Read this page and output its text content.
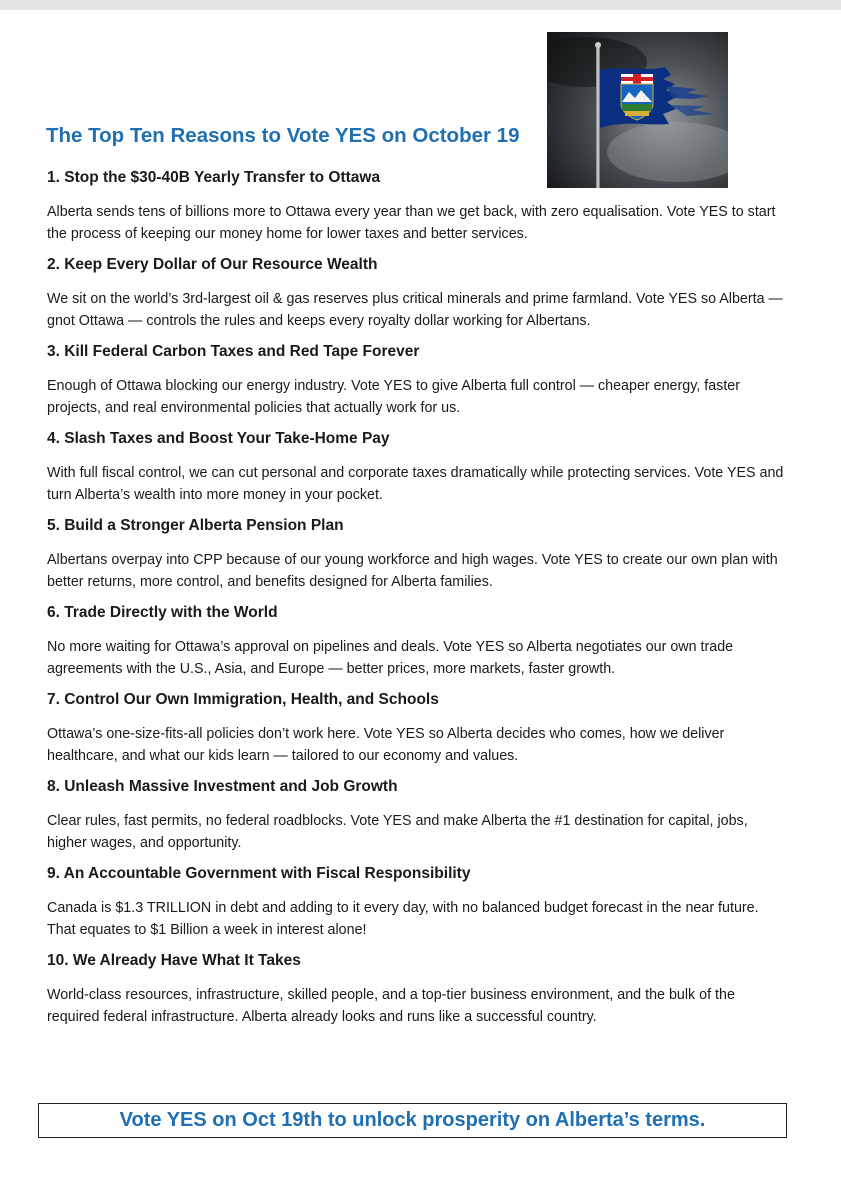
The Top Ten Reasons to Vote YES on October 19
1. Stop the $30-40B Yearly Transfer to Ottawa

Alberta sends tens of billions more to Ottawa every year than we get back, with zero equalisation. Vote YES to start the process of keeping our money home for lower taxes and better services.

2. Keep Every Dollar of Our Resource Wealth

We sit on the world’s 3rd-largest oil & gas reserves plus critical minerals and prime farmland. Vote YES so Alberta — gnot Ottawa — controls the rules and keeps every royalty dollar working for Albertans.

3. Kill Federal Carbon Taxes and Red Tape Forever

Enough of Ottawa blocking our energy industry. Vote YES to give Alberta full control — cheaper energy, faster projects, and real environmental policies that actually work for us.

4. Slash Taxes and Boost Your Take-Home Pay

With full fiscal control, we can cut personal and corporate taxes dramatically while protecting services. Vote YES and turn Alberta’s wealth into more money in your pocket.

5. Build a Stronger Alberta Pension Plan

Albertans overpay into CPP because of our young workforce and high wages. Vote YES to create our own plan with better returns, more control, and benefits designed for Alberta families.

6. Trade Directly with the World

No more waiting for Ottawa’s approval on pipelines and deals. Vote YES so Alberta negotiates our own trade agreements with the U.S., Asia, and Europe — better prices, more markets, faster growth.

7. Control Our Own Immigration, Health, and Schools

Ottawa’s one-size-fits-all policies don’t work here. Vote YES so Alberta decides who comes, how we deliver healthcare, and what our kids learn — tailored to our economy and values.

8. Unleash Massive Investment and Job Growth

Clear rules, fast permits, no federal roadblocks. Vote YES and make Alberta the #1 destination for capital, jobs, higher wages, and opportunity.

9. An Accountable Government with Fiscal Responsibility

Canada is $1.3 TRILLION in debt and adding to it every day, with no balanced budget forecast in the near future. That equates to $1 Billion a week in interest alone!

10. We Already Have What It Takes

World-class resources, infrastructure, skilled people, and a top-tier business environment, and the bulk of the required federal infrastructure. Alberta already looks and runs like a successful country.

Vote YES on Oct 19th to unlock prosperity on Alberta’s terms.
